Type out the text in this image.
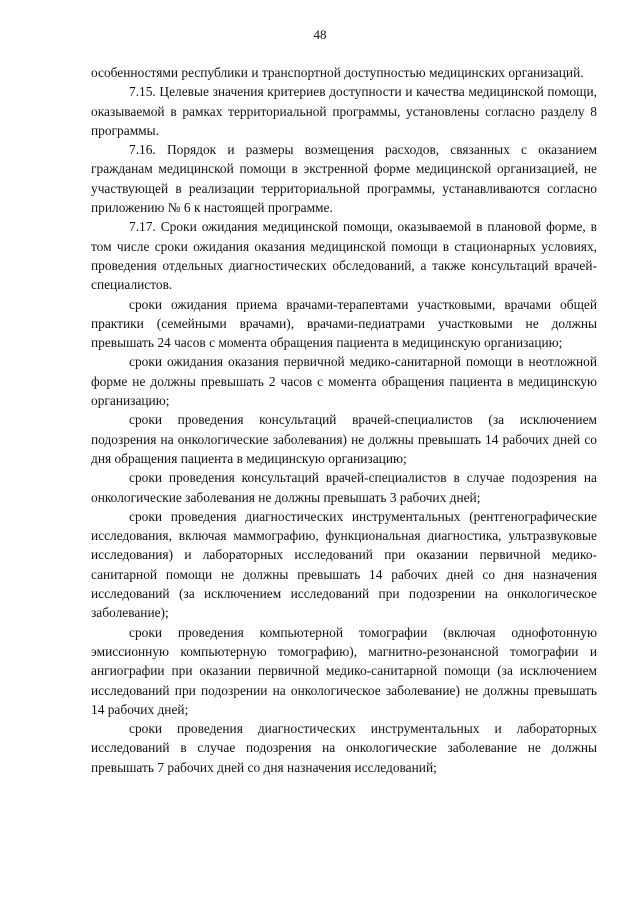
48

особенностями республики и транспортной доступностью медицинских организаций.

7.15. Целевые значения критериев доступности и качества медицинской помощи, оказываемой в рамках территориальной программы, установлены согласно разделу 8 программы.

7.16. Порядок и размеры возмещения расходов, связанных с оказанием гражданам медицинской помощи в экстренной форме медицинской организацией, не участвующей в реализации территориальной программы, устанавливаются согласно приложению № 6 к настоящей программе.

7.17. Сроки ожидания медицинской помощи, оказываемой в плановой форме, в том числе сроки ожидания оказания медицинской помощи в стационарных условиях, проведения отдельных диагностических обследований, а также консультаций врачей-специалистов.

сроки ожидания приема врачами-терапевтами участковыми, врачами общей практики (семейными врачами), врачами-педиатрами участковыми не должны превышать 24 часов с момента обращения пациента в медицинскую организацию;

сроки ожидания оказания первичной медико-санитарной помощи в неотложной форме не должны превышать 2 часов с момента обращения пациента в медицинскую организацию;

сроки проведения консультаций врачей-специалистов (за исключением подозрения на онкологические заболевания) не должны превышать 14 рабочих дней со дня обращения пациента в медицинскую организацию;

сроки проведения консультаций врачей-специалистов в случае подозрения на онкологические заболевания не должны превышать 3 рабочих дней;

сроки проведения диагностических инструментальных (рентгенографические исследования, включая маммографию, функциональная диагностика, ультразвуковые исследования) и лабораторных исследований при оказании первичной медико-санитарной помощи не должны превышать 14 рабочих дней со дня назначения исследований (за исключением исследований при подозрении на онкологическое заболевание);

сроки проведения компьютерной томографии (включая однофотонную эмиссионную компьютерную томографию), магнитно-резонансной томографии и ангиографии при оказании первичной медико-санитарной помощи (за исключением исследований при подозрении на онкологическое заболевание) не должны превышать 14 рабочих дней;

сроки проведения диагностических инструментальных и лабораторных исследований в случае подозрения на онкологические заболевание не должны превышать 7 рабочих дней со дня назначения исследований;
